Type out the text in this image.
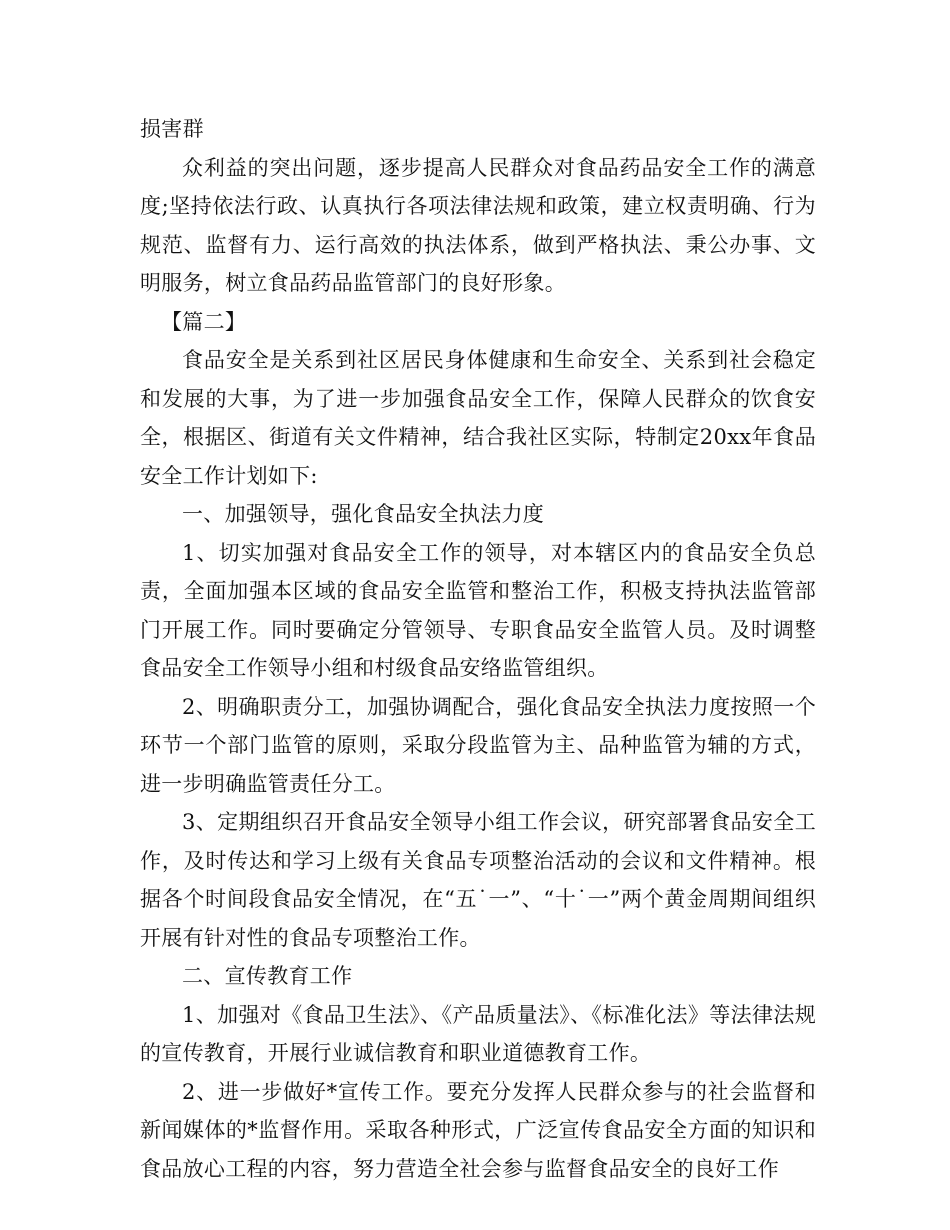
损害群

众利益的突出问题，逐步提高人民群众对食品药品安全工作的满意度;坚持依法行政、认真执行各项法律法规和政策，建立权责明确、行为规范、监督有力、运行高效的执法体系，做到严格执法、秉公办事、文明服务，树立食品药品监管部门的良好形象。

【篇二】

食品安全是关系到社区居民身体健康和生命安全、关系到社会稳定和发展的大事，为了进一步加强食品安全工作，保障人民群众的饮食安全，根据区、街道有关文件精神，结合我社区实际，特制定20xx年食品安全工作计划如下:

一、加强领导，强化食品安全执法力度

1、切实加强对食品安全工作的领导，对本辖区内的食品安全负总责，全面加强本区域的食品安全监管和整治工作，积极支持执法监管部门开展工作。同时要确定分管领导、专职食品安全监管人员。及时调整食品安全工作领导小组和村级食品安络监管组织。

2、明确职责分工，加强协调配合，强化食品安全执法力度按照一个环节一个部门监管的原则，采取分段监管为主、品种监管为辅的方式，进一步明确监管责任分工。

3、定期组织召开食品安全领导小组工作会议，研究部署食品安全工作，及时传达和学习上级有关食品专项整治活动的会议和文件精神。根据各个时间段食品安全情况，在“五˙一”、“十˙一”两个黄金周期间组织开展有针对性的食品专项整治工作。

二、宣传教育工作

1、加强对《食品卫生法》、《产品质量法》、《标准化法》等法律法规的宣传教育，开展行业诚信教育和职业道德教育工作。

2、进一步做好*宣传工作。要充分发挥人民群众参与的社会监督和新闻媒体的*监督作用。采取各种形式，广泛宣传食品安全方面的知识和食品放心工程的内容，努力营造全社会参与监督食品安全的良好工作
